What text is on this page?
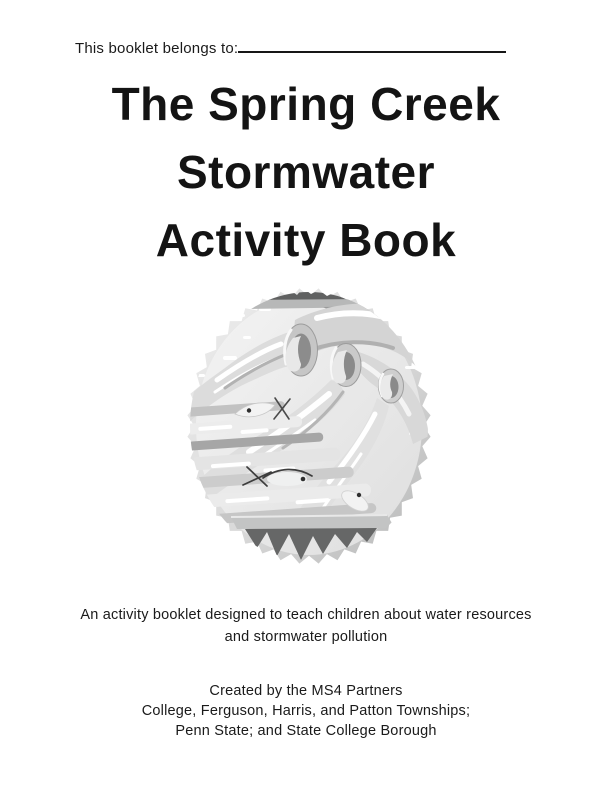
This booklet belongs to:
The Spring Creek
Stormwater
Activity Book
An activity booklet designed to teach children about water resources
and stormwater pollution
Created by the MS4 Partners
College, Ferguson, Harris, and Patton Townships;
Penn State; and State College Borough
